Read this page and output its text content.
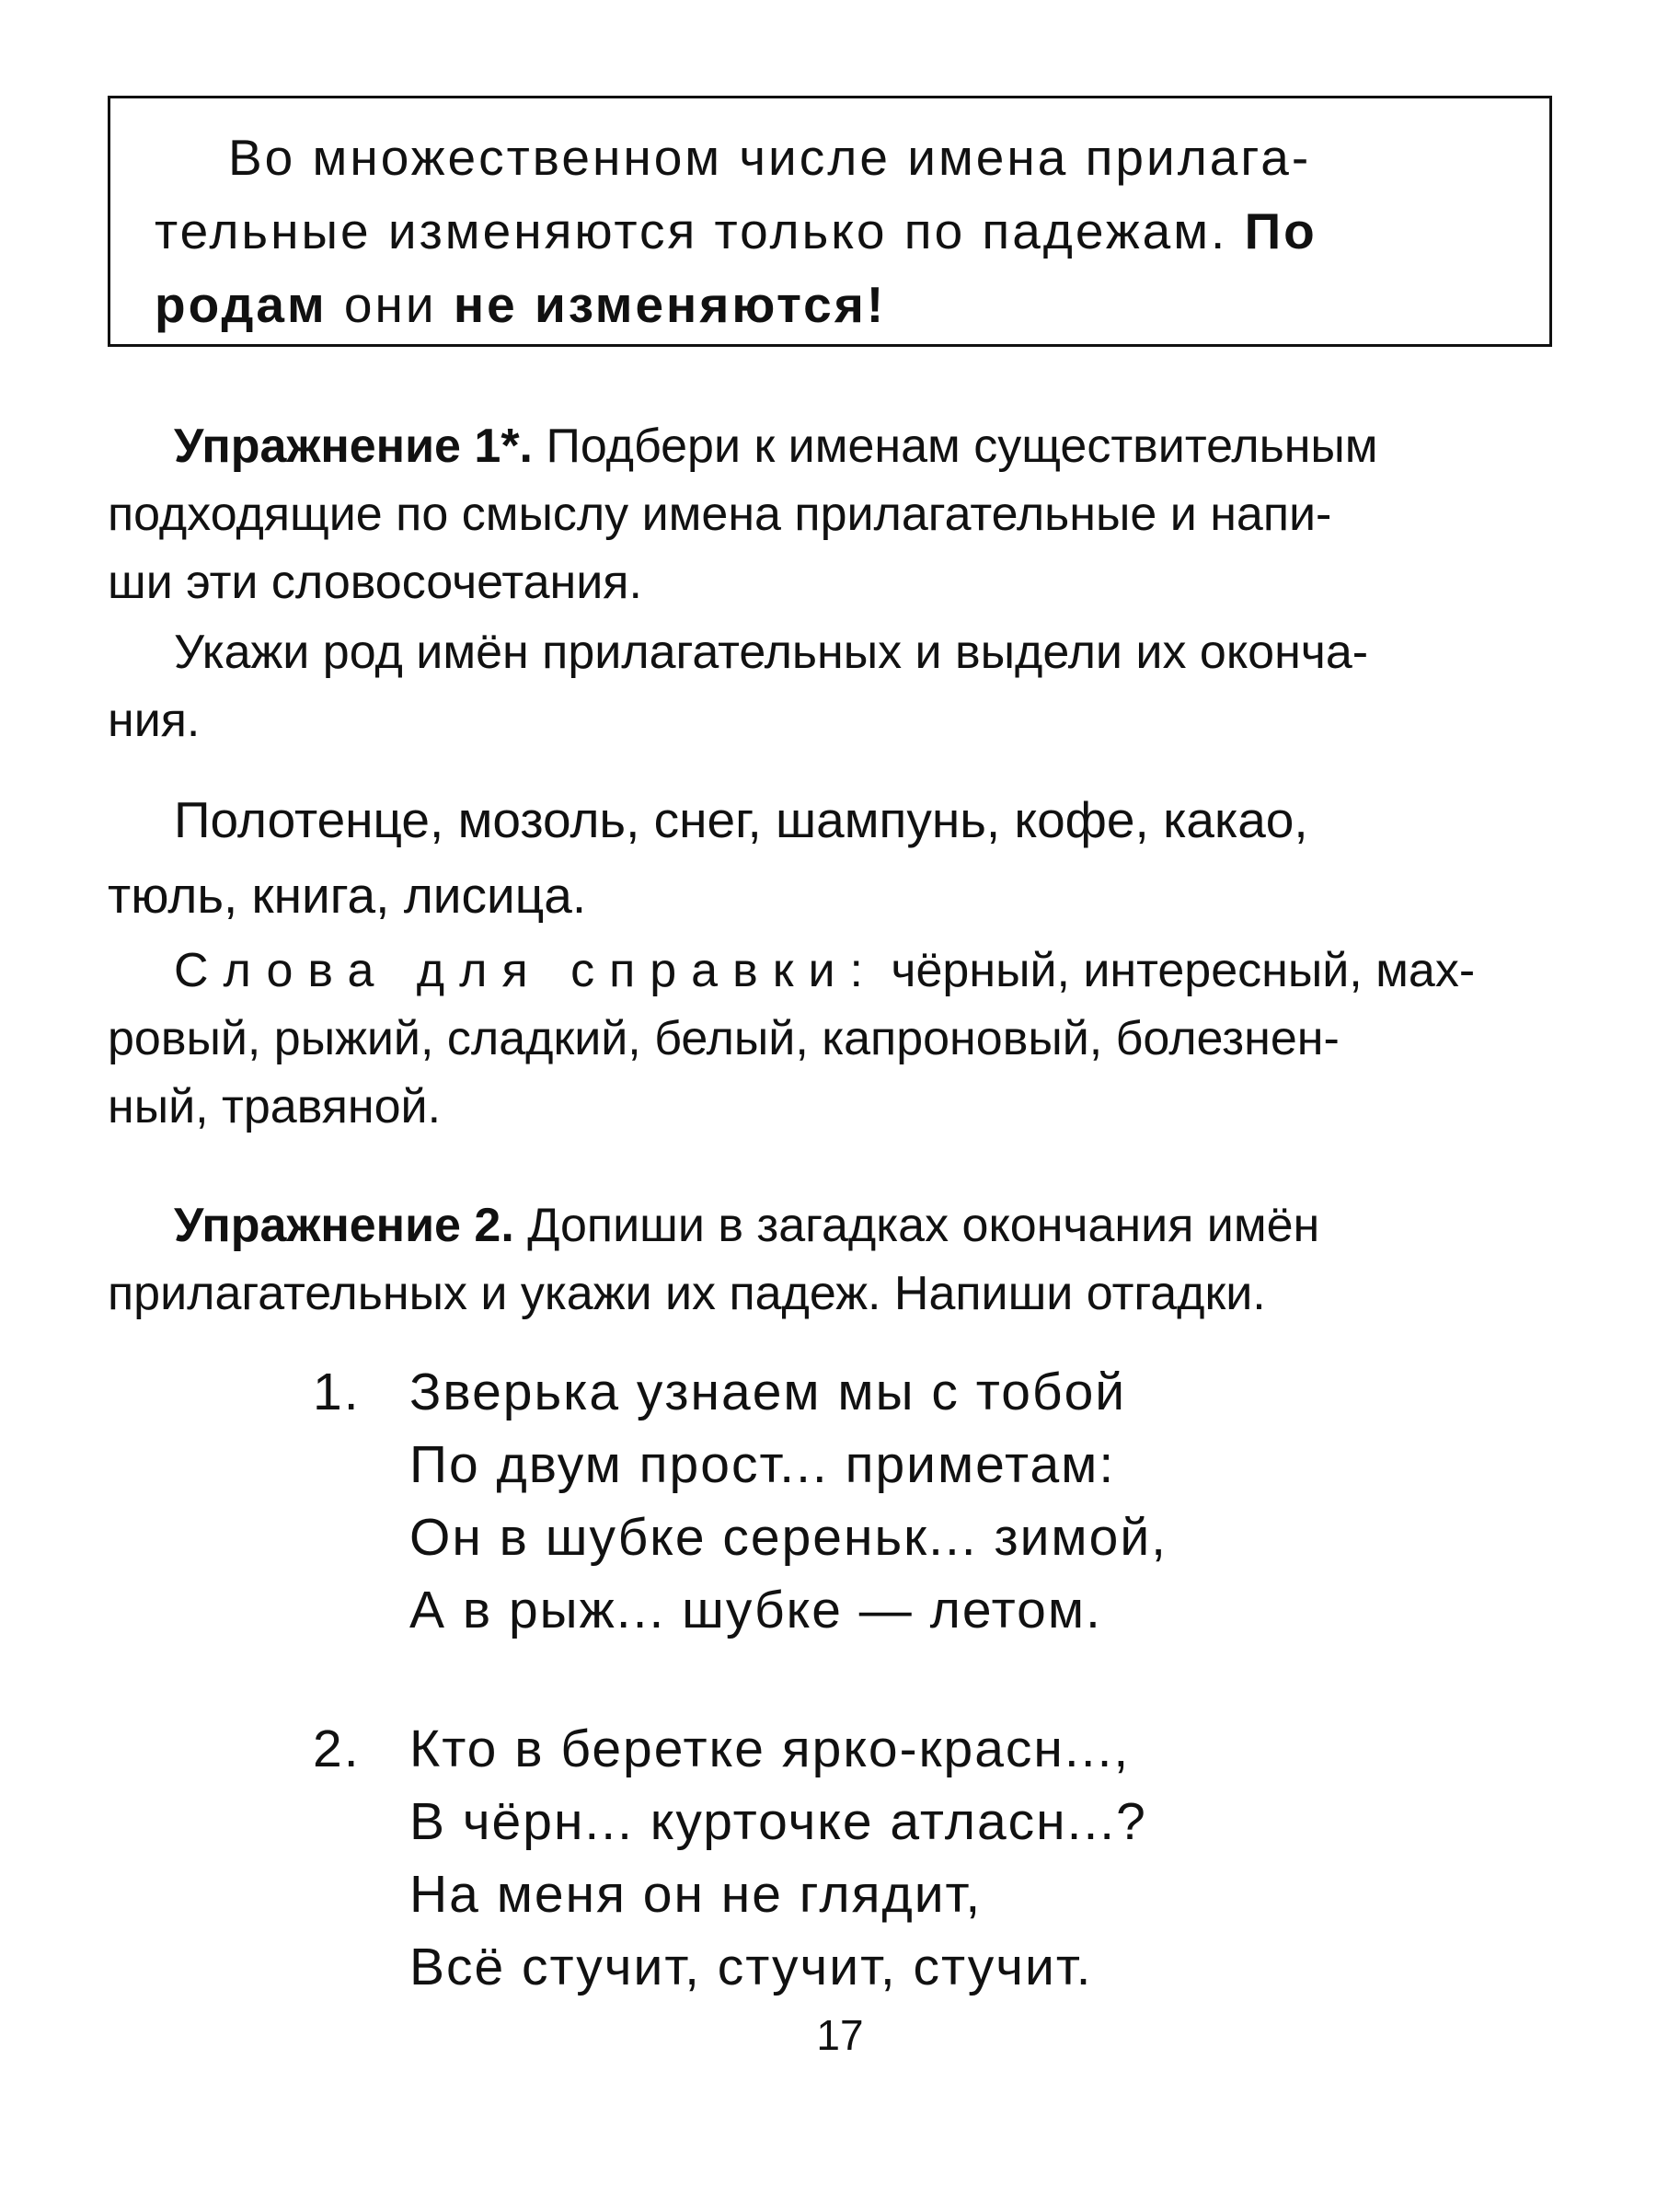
Во множественном числе имена прилага-
тельные изменяются только по падежам. По
родам они не изменяются!
Упражнение 1*. Подбери к именам существительным
подходящие по смыслу имена прилагательные и напи-
ши эти словосочетания.
Укажи род имён прилагательных и выдели их оконча-
ния.
Полотенце, мозоль, снег, шампунь, кофе, какао,
тюль, книга, лисица.
Слова для справки: чёрный, интересный, мах-
ровый, рыжий, сладкий, белый, капроновый, болезнен-
ный, травяной.
Упражнение 2. Допиши в загадках окончания имён
прилагательных и укажи их падеж. Напиши отгадки.
1. Зверька узнаем мы с тобой
По двум прост... приметам:
Он в шубке сереньк... зимой,
А в рыж... шубке — летом.
2. Кто в беретке ярко-красн...,
В чёрн... курточке атласн...?
На меня он не глядит,
Всё стучит, стучит, стучит.
17
